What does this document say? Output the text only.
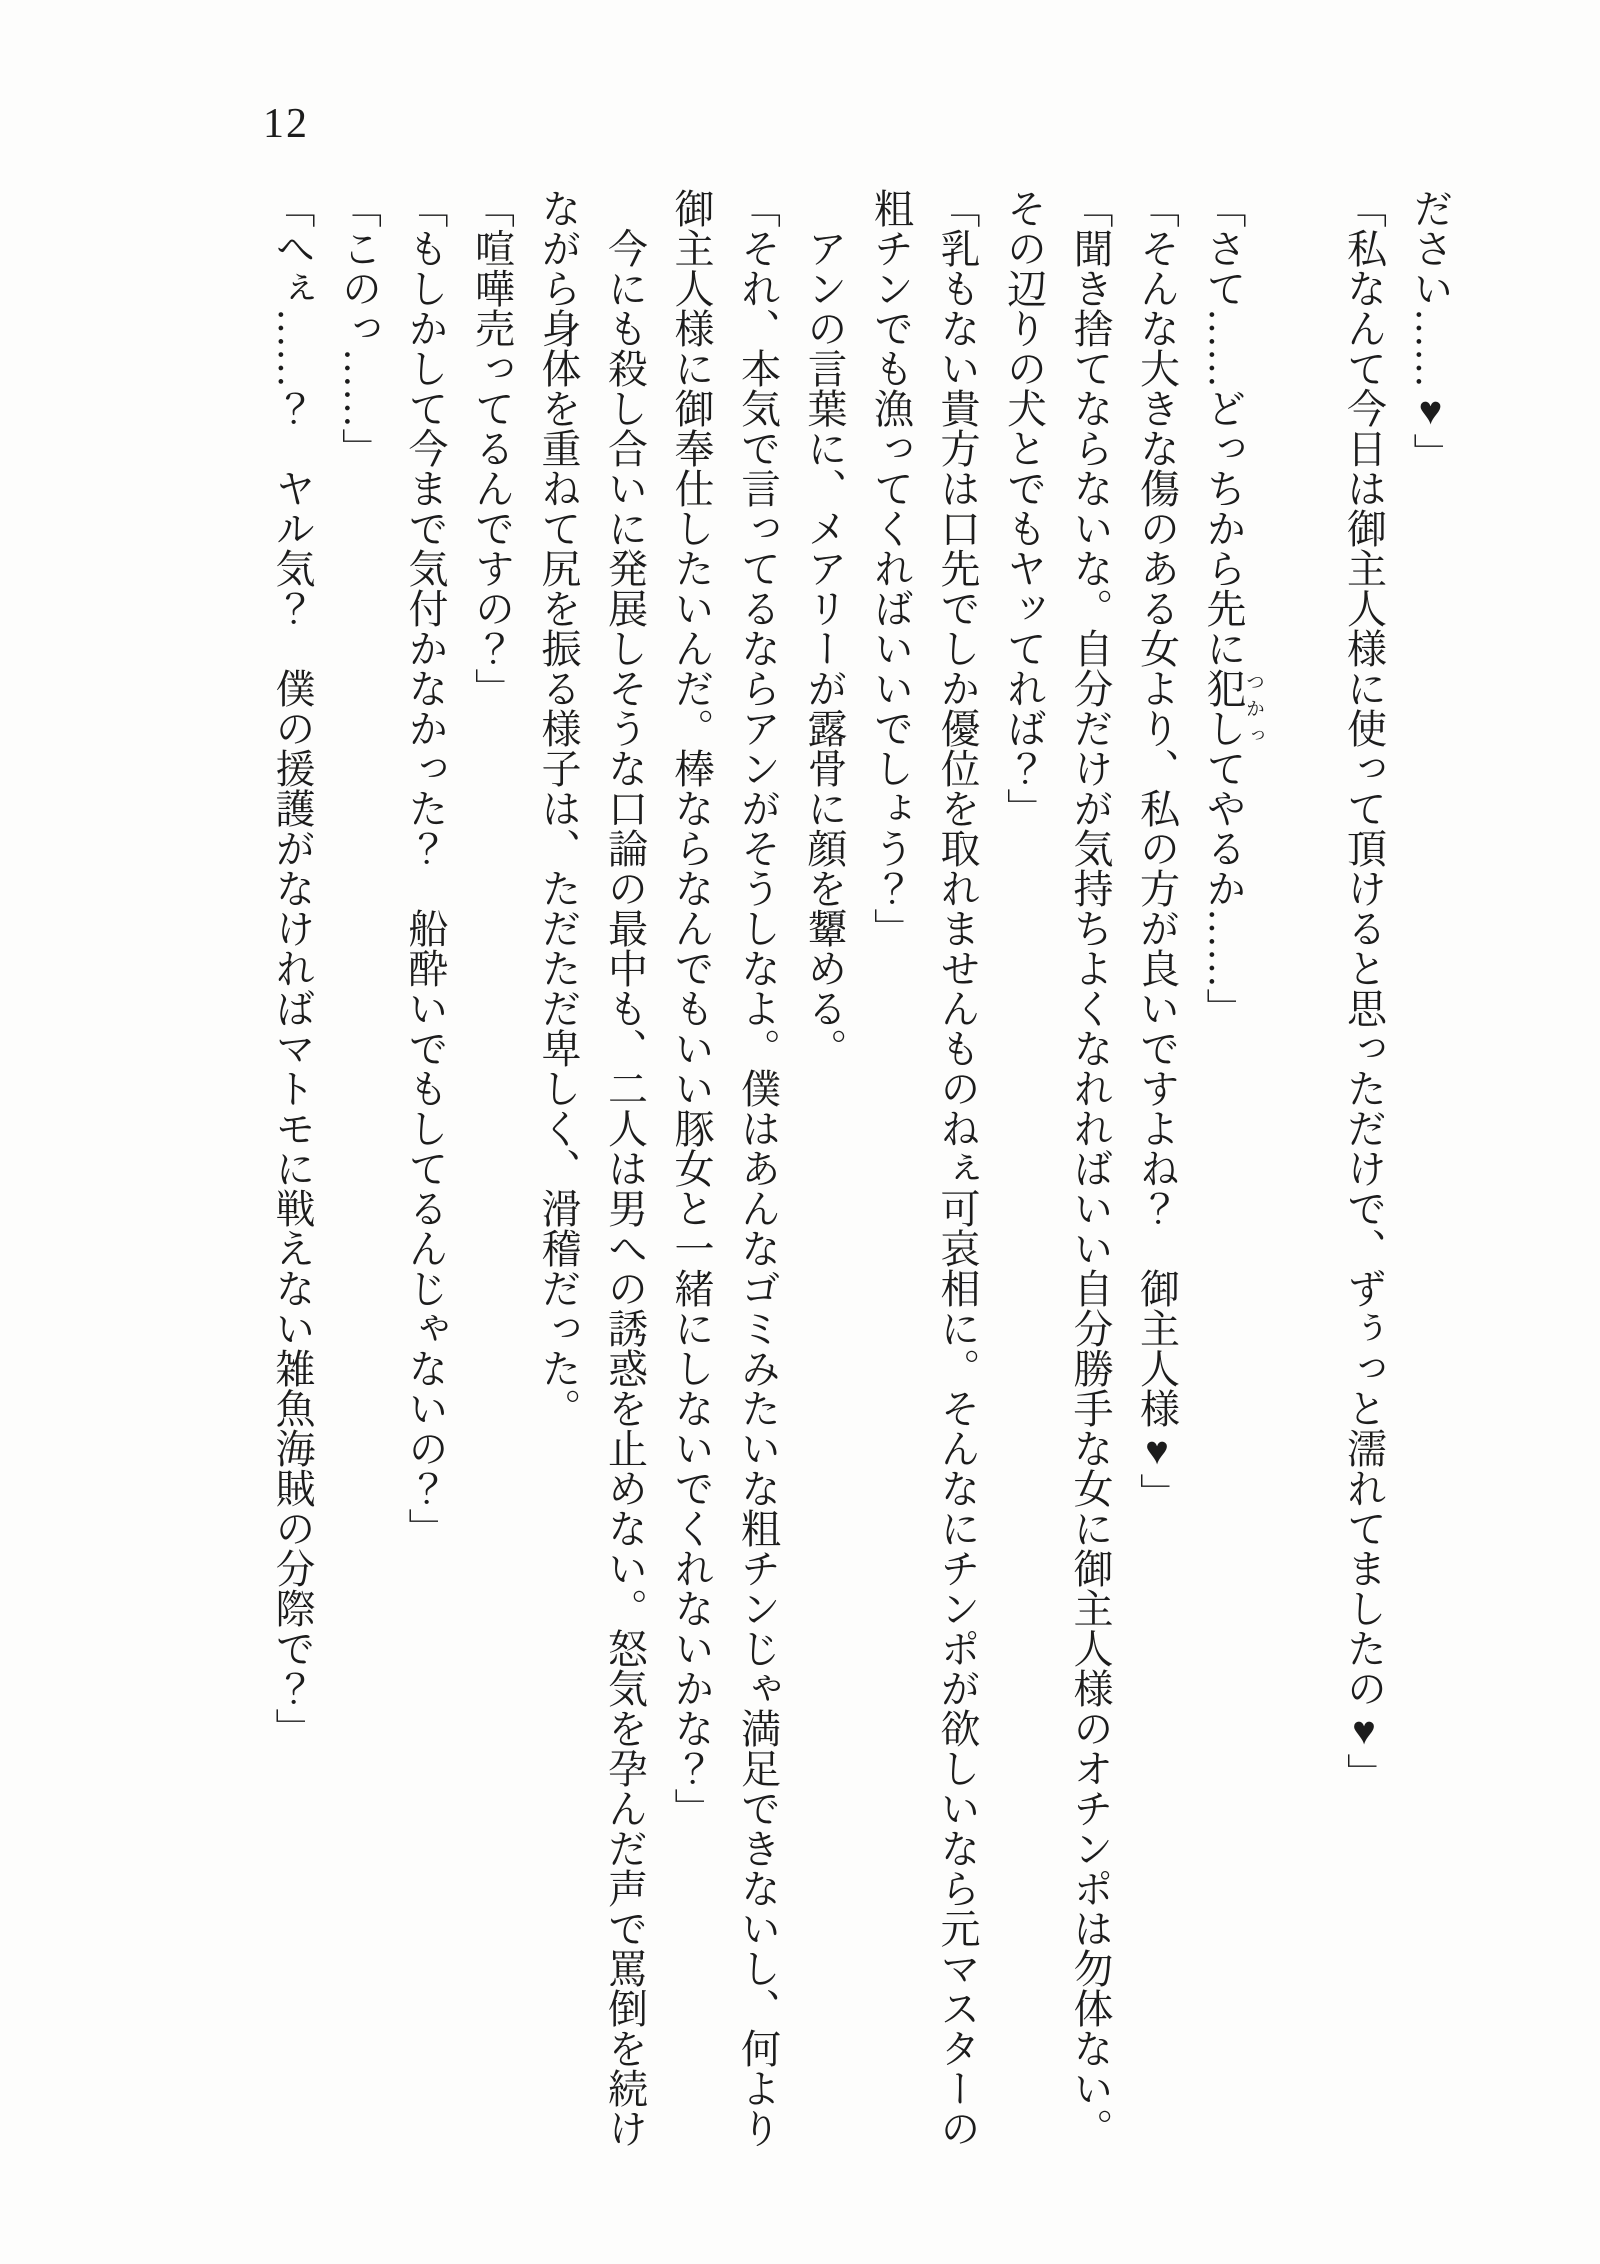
12

ださい……♥」

「私なんて今日は御主人様に使って頂けると思っただけで、ずぅっと濡れてましたの♥」

「さて……どっちから先に犯しつかってやるか……」

「そんな大きな傷のある女より、私の方が良いですよね？　御主人様♥」

「聞き捨てならないな。自分だけが気持ちよくなれればいい自分勝手な女に御主人様のオチンポは勿体ない。その辺りの犬とでもヤッてれば？」

「乳もない貴方は口先でしか優位を取れませんものねぇ可哀相に。そんなにチンポが欲しいなら元マスターの粗チンでも漁ってくればいいでしょう？」

アンの言葉に、メアリーが露骨に顔を顰める。

「それ、本気で言ってるならアンがそうしなよ。僕はあんなゴミみたいな粗チンじゃ満足できないし、何より御主人様に御奉仕したいんだ。棒ならなんでもいい豚女と一緒にしないでくれないかな？」

今にも殺し合いに発展しそうな口論の最中も、二人は男への誘惑を止めない。怒気を孕んだ声で罵倒を続けながら身体を重ねて尻を振る様子は、ただただ卑しく、滑稽だった。

「喧嘩売ってるんですの？」

「もしかして今まで気付かなかった？　船酔いでもしてるんじゃないの？」

「このっ……」

「へぇ……？　ヤル気？　僕の援護がなければマトモに戦えない雑魚海賊の分際で？」
